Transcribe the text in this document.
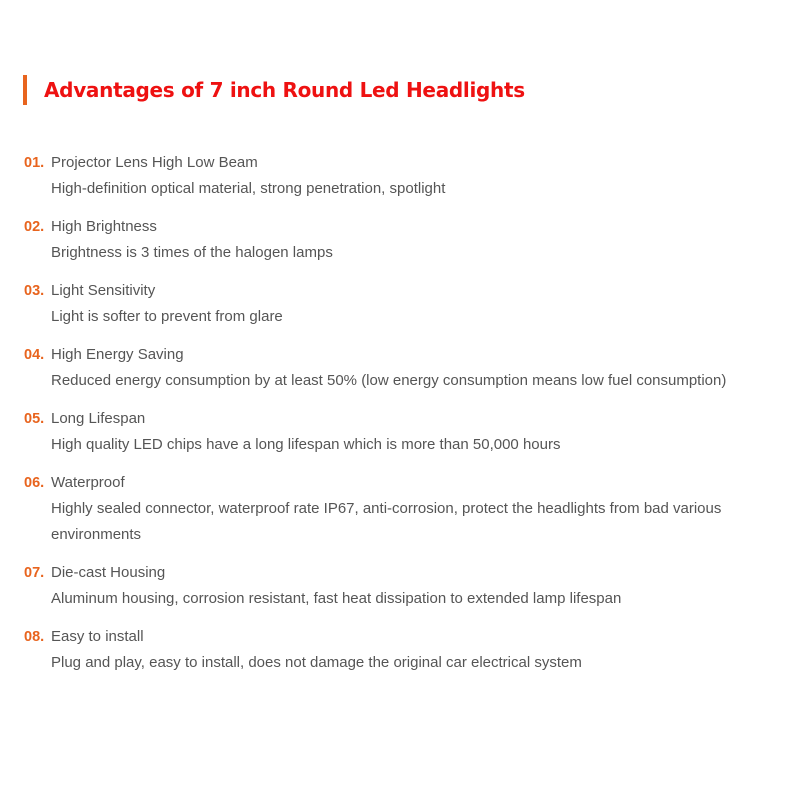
Advantages of 7 inch Round Led Headlights
01. Projector Lens High Low Beam
High-definition optical material, strong penetration, spotlight
02. High Brightness
Brightness is 3 times of the halogen lamps
03. Light Sensitivity
Light is softer to prevent from glare
04. High Energy Saving
Reduced energy consumption by at least 50% (low energy consumption means low fuel consumption)
05. Long Lifespan
High quality LED chips have a long lifespan which is more than 50,000 hours
06. Waterproof
Highly sealed connector, waterproof rate IP67, anti-corrosion, protect the headlights from bad various environments
07. Die-cast Housing
Aluminum housing, corrosion resistant, fast heat dissipation to extended lamp lifespan
08. Easy to install
Plug and play, easy to install, does not damage the original car electrical system
